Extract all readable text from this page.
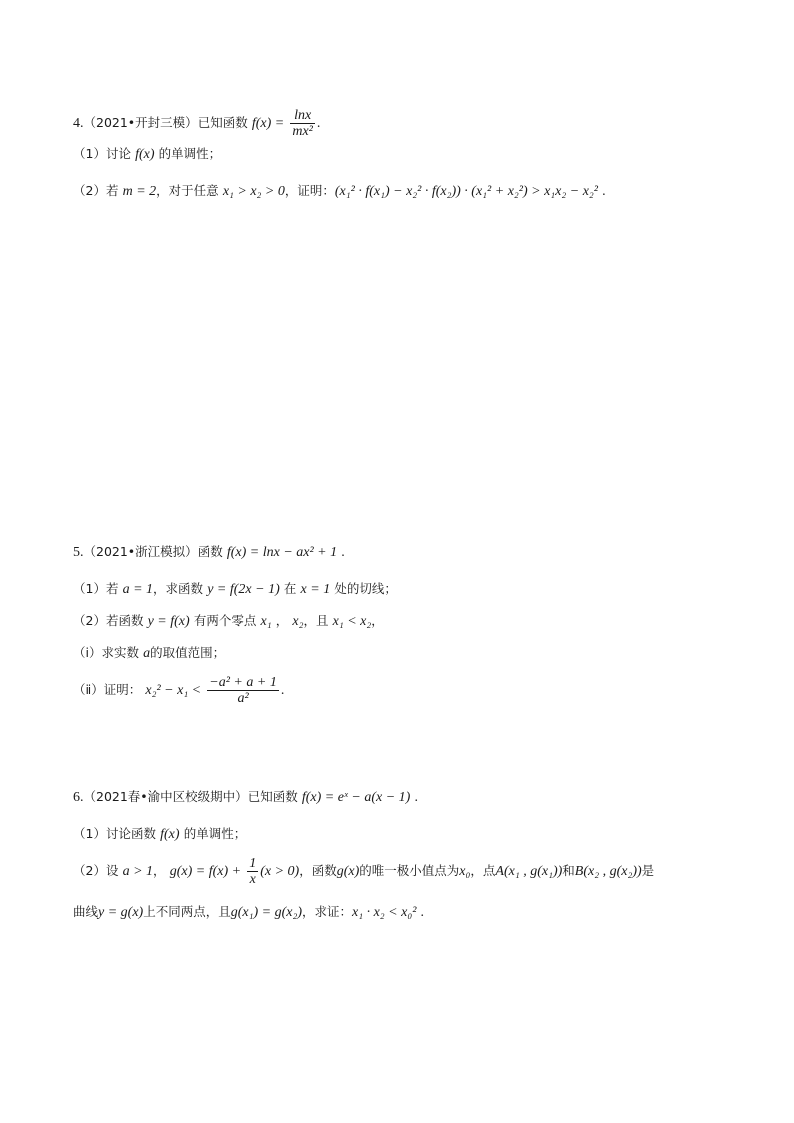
4.（2021•开封三模）已知函数 $f(x) = \frac{\ln x}{\text{mx²}}$ .
（1）讨论 f(x) 的单调性；
（2）若 m = 2，对于任意 x₁ > x₂ > 0，证明：(x₁² · f(x₁) − x₂² · f(x₂)) · (x₁² + x₂²) > x₁x₂ − x₂² .
5.（2021•浙江模拟）函数 f(x) = lnx − ax² + 1 .
（1）若 a = 1，求函数 y = f(2x − 1) 在 x = 1 处的切线；
（2）若函数 y = f(x) 有两个零点 x₁ ， x₂，且 x₁ < x₂，
（ⅰ）求实数 a的取值范围；
（ⅱ）证明： $x_2^2 - x_1 < \frac{\text{−a² + a + 1}}{\text{a²}}$ .
6.（2021春•渝中区校级期中）已知函数 f(x) = eˣ − a(x − 1) .
（1）讨论函数 f(x) 的单调性；
（2）设 a > 1， $g(x) = f(x) + \frac{1}{x} (x > 0)$，函数g(x)的唯一极小值点为x₀，点A(x₁ , g(x₁))和B(x₂ , g(x₂))是
曲线y = g(x)上不同两点，且g(x₁) = g(x₂)，求证：x₁ · x₂ < x₀² .
